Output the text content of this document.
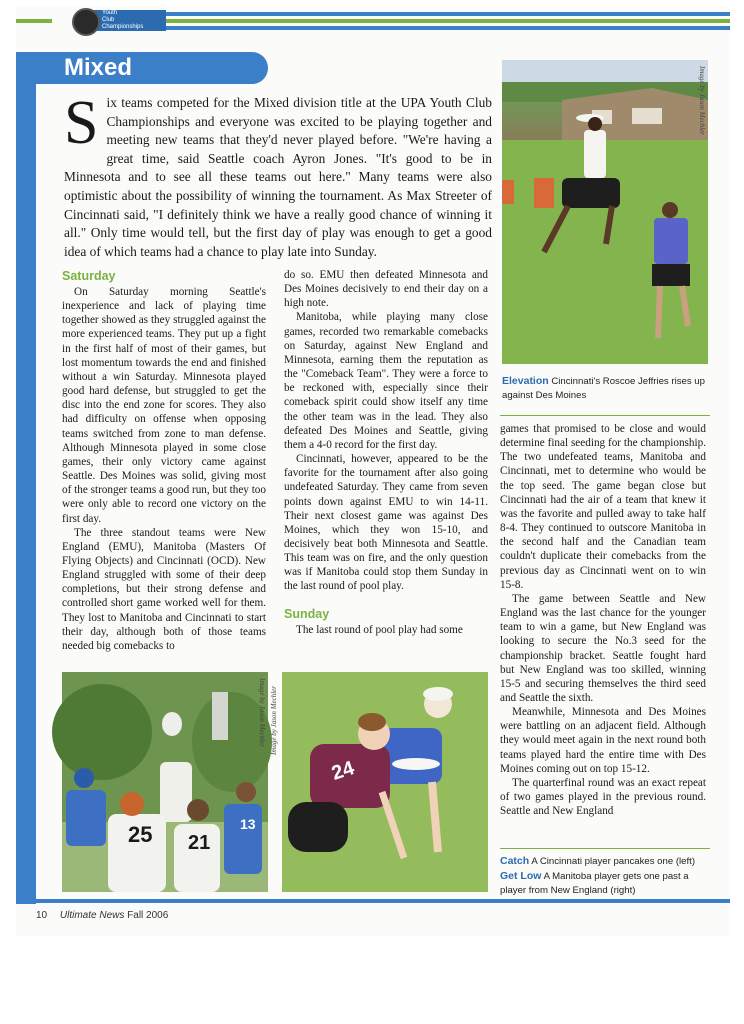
Youth
Club
Championships
Mixed
Six teams competed for the Mixed division title at the UPA Youth Club Championships and everyone was excited to be playing together and meeting new teams that they'd never played before. "We're having a great time, said Seattle coach Ayron Jones. "It's good to be in Minnesota and to see all these teams out here." Many teams were also optimistic about the possibility of winning the tournament. As Max Streeter of Cincinnati said, "I definitely think we have a really good chance of winning it all." Only time would tell, but the first day of play was enough to get a good idea of which teams had a chance to play late into Sunday.
Saturday

On Saturday morning Seattle's inexperience and lack of playing time together showed as they struggled against the more experienced teams. They put up a fight in the first half of most of their games, but lost momentum towards the end and finished without a win Saturday. Minnesota played good hard defense, but struggled to get the disc into the end zone for scores. They also had difficulty on offense when opposing teams switched from zone to man defense. Although Minnesota played in some close games, their only victory came against Seattle. Des Moines was solid, giving most of the stronger teams a good run, but they too were only able to record one victory on the first day.

The three standout teams were New England (EMU), Manitoba (Masters Of Flying Objects) and Cincinnati (OCD). New England struggled with some of their deep completions, but their strong defense and controlled short game worked well for them. They lost to Manitoba and Cincinnati to start their day, although both of those teams needed big comebacks to

do so. EMU then defeated Minnesota and Des Moines decisively to end their day on a high note.

Manitoba, while playing many close games, recorded two remarkable comebacks on Saturday, against New England and Minnesota, earning them the reputation as the "Comeback Team". They were a force to be reckoned with, especially since their comeback spirit could show itself any time the other team was in the lead. They also defeated Des Moines and Seattle, giving them a 4-0 record for the first day.

Cincinnati, however, appeared to be the favorite for the tournament after also going undefeated Saturday. They came from seven points down against EMU to win 14-11. Their next closest game was against Des Moines, which they won 15-10, and decisively beat both Minnesota and Seattle. This team was on fire, and the only question was if Manitoba could stop them Sunday in the last round of pool play.

Sunday

The last round of pool play had some

games that promised to be close and would determine final seeding for the championship. The two undefeated teams, Manitoba and Cincinnati, met to determine who would be the top seed. The game began close but Cincinnati had the air of a team that knew it was the favorite and pulled away to take half 8-4. They continued to outscore Manitoba in the second half and the Canadian team couldn't duplicate their comebacks from the previous day as Cincinnati went on to win 15-8.

The game between Seattle and New England was the last chance for the younger team to win a game, but New England was looking to secure the No.3 seed for the championship bracket. Seattle fought hard but New England was too skilled, winning 15-5 and securing themselves the third seed and Seattle the sixth.

Meanwhile, Minnesota and Des Moines were battling on an adjacent field. Although they would meet again in the next round both teams played hard the entire time with Des Moines coming out on top 15-12.

The quarterfinal round was an exact repeat of two games played in the previous round. Seattle and New England

Image by Jason Mechler
Elevation Cincinnati's Roscoe Jeffries rises up against Des Moines
25 21
13
Image by Jason Mechler
24
Image by Jason Mechler
Catch A Cincinnati player pancakes one (left)
Get Low A Manitoba player gets one past a player from New England (right)
10 Ultimate News Fall 2006
